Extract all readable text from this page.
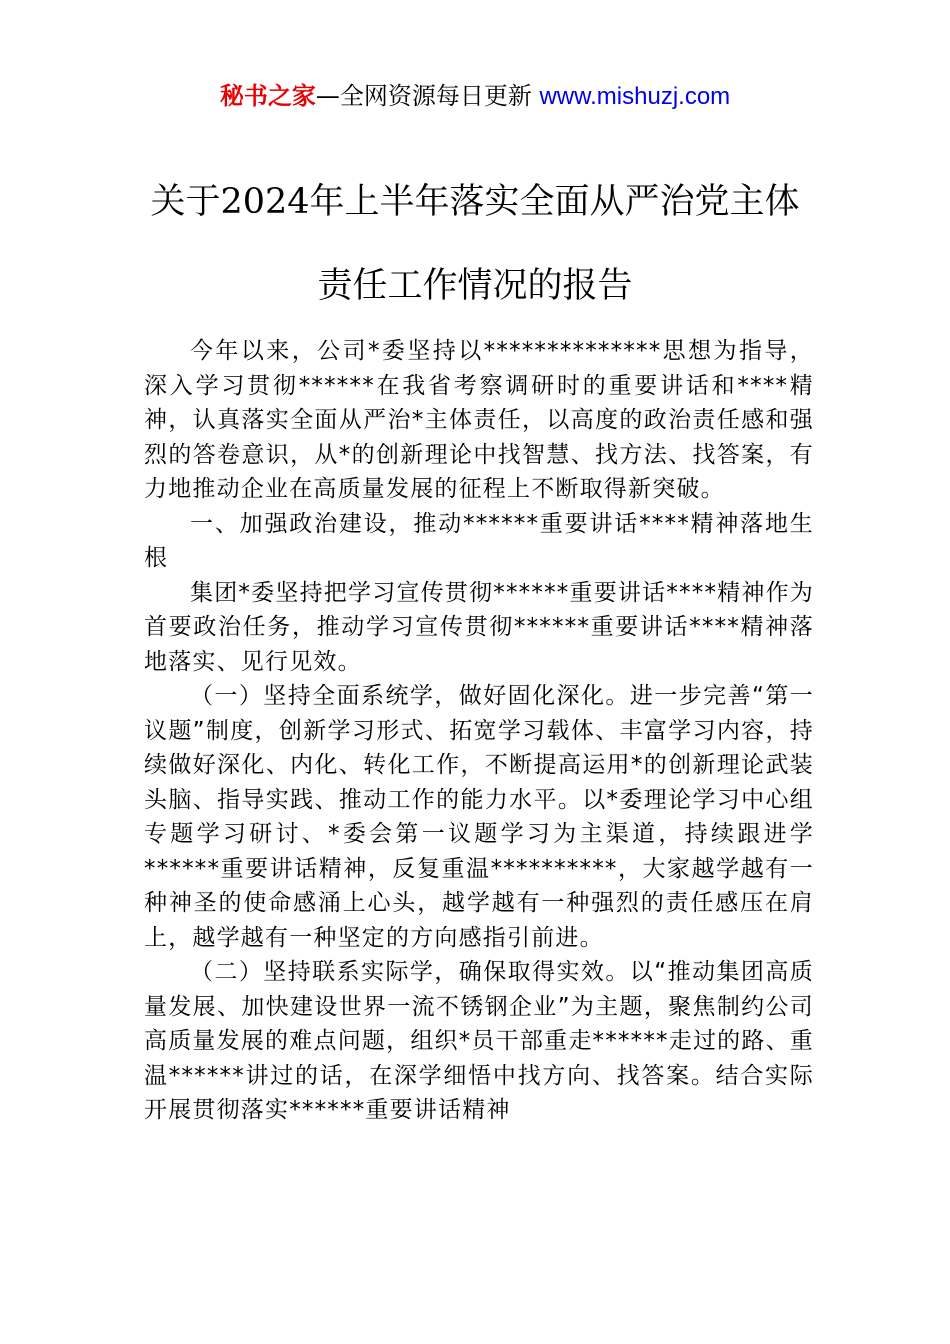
秘书之家—全网资源每日更新 www.mishuzj.com
关于2024年上半年落实全面从严治党主体
责任工作情况的报告

今年以来，公司*委坚持以**************思想为指导，深入学习贯彻******在我省考察调研时的重要讲话和****精神，认真落实全面从严治*主体责任，以高度的政治责任感和强烈的答卷意识，从*的创新理论中找智慧、找方法、找答案，有力地推动企业在高质量发展的征程上不断取得新突破。

一、加强政治建设，推动******重要讲话****精神落地生根

集团*委坚持把学习宣传贯彻******重要讲话****精神作为首要政治任务，推动学习宣传贯彻******重要讲话****精神落地落实、见行见效。

（一）坚持全面系统学，做好固化深化。进一步完善“第一议题”制度，创新学习形式、拓宽学习载体、丰富学习内容，持续做好深化、内化、转化工作，不断提高运用*的创新理论武装头脑、指导实践、推动工作的能力水平。以*委理论学习中心组专题学习研讨、*委会第一议题学习为主渠道，持续跟进学******重要讲话精神，反复重温**********，大家越学越有一种神圣的使命感涌上心头，越学越有一种强烈的责任感压在肩上，越学越有一种坚定的方向感指引前进。

（二）坚持联系实际学，确保取得实效。以“推动集团高质量发展、加快建设世界一流不锈钢企业”为主题，聚焦制约公司高质量发展的难点问题，组织*员干部重走******走过的路、重温******讲过的话，在深学细悟中找方向、找答案。结合实际开展贯彻落实******重要讲话精神
